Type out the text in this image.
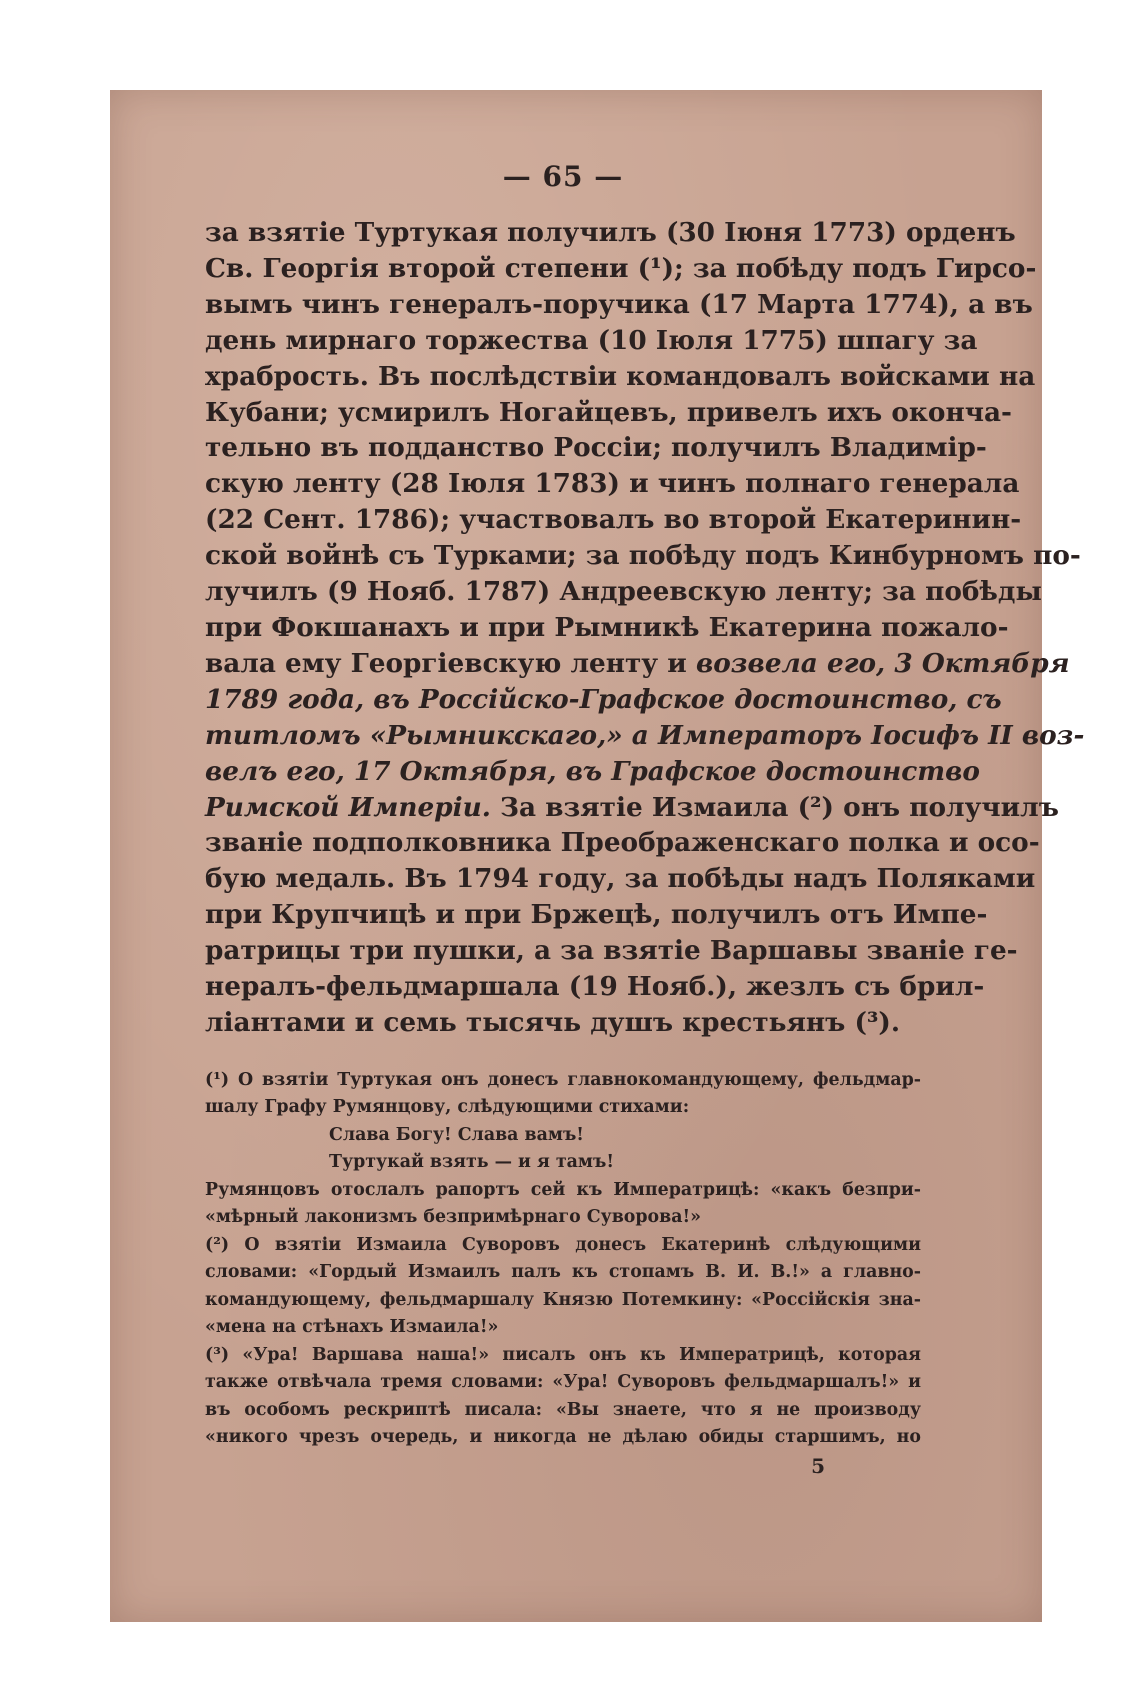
— 65 —
за взятіе Туртукая получилъ (30 Іюня 1773) орденъ
Св. Георгія второй степени (¹); за побѣду подъ Гирсо-
вымъ чинъ генералъ-поручика (17 Марта 1774), а въ
день мирнаго торжества (10 Іюля 1775) шпагу за
храбрость. Въ послѣдствіи командовалъ войсками на
Кубани; усмирилъ Ногайцевъ, привелъ ихъ оконча-
тельно въ подданство Россіи; получилъ Владимір-
скую ленту (28 Іюля 1783) и чинъ полнаго генерала
(22 Сент. 1786); участвовалъ во второй Екатеринин-
ской войнѣ съ Турками; за побѣду подъ Кинбурномъ по-
лучилъ (9 Нояб. 1787) Андреевскую ленту; за побѣды
при Фокшанахъ и при Рымникѣ Екатерина пожало-
вала ему Георгіевскую ленту и возвела его, 3 Октября
1789 года, въ Россійско-Графское достоинство, съ
титломъ «Рымникскаго,» а Императоръ Іосифъ II воз-
велъ его, 17 Октября, въ Графское достоинство
Римской Имперіи. За взятіе Измаила (²) онъ получилъ
званіе подполковника Преображенскаго полка и осо-
бую медаль. Въ 1794 году, за побѣды надъ Поляками
при Крупчицѣ и при Бржецѣ, получилъ отъ Импе-
ратрицы три пушки, а за взятіе Варшавы званіе ге-
нералъ-фельдмаршала (19 Нояб.), жезлъ съ брил-
ліантами и семь тысячь душъ крестьянъ (³).
(¹) О взятіи Туртукая онъ донесъ главнокомандующему, фельдмар-
шалу Графу Румянцову, слѣдующими стихами:
Слава Богу! Слава вамъ!
Туртукай взять — и я тамъ!
Румянцовъ отослалъ рапортъ сей къ Императрицѣ: «какъ безпри-
«мѣрный лаконизмъ безпримѣрнаго Суворова!»
(²) О взятіи Измаила Суворовъ донесъ Екатеринѣ слѣдующими
словами: «Гордый Измаилъ палъ къ стопамъ В. И. В.!» а главно-
командующему, фельдмаршалу Князю Потемкину: «Россійскія зна-
«мена на стѣнахъ Измаила!»
(³) «Ура! Варшава наша!» писалъ онъ къ Императрицѣ, которая
также отвѣчала тремя словами: «Ура! Суворовъ фельдмаршалъ!» и
въ особомъ рескриптѣ писала: «Вы знаете, что я не производу
«никого чрезъ очередь, и никогда не дѣлаю обиды старшимъ, но
5
